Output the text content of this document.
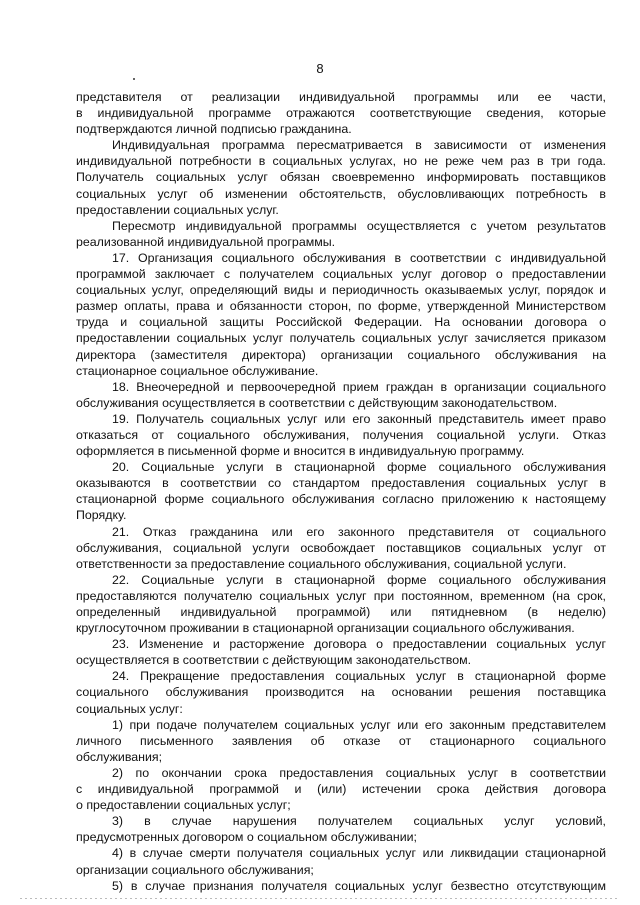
8
представителя от реализации индивидуальной программы или ее части,
в индивидуальной программе отражаются соответствующие сведения, которые
подтверждаются личной подписью гражданина.
Индивидуальная программа пересматривается в зависимости от изменения
индивидуальной потребности в социальных услугах, но не реже чем раз в три года.
Получатель социальных услуг обязан своевременно информировать поставщиков
социальных услуг об изменении обстоятельств, обусловливающих потребность в
предоставлении социальных услуг.
Пересмотр индивидуальной программы осуществляется с учетом результатов
реализованной индивидуальной программы.
17. Организация социального обслуживания в соответствии с индивидуальной
программой заключает с получателем социальных услуг договор о предоставлении
социальных услуг, определяющий виды и периодичность оказываемых услуг, порядок и
размер оплаты, права и обязанности сторон, по форме, утвержденной Министерством
труда и социальной защиты Российской Федерации. На основании договора о
предоставлении социальных услуг получатель социальных услуг зачисляется приказом
директора (заместителя директора) организации социального обслуживания на
стационарное социальное обслуживание.
18. Внеочередной и первоочередной прием граждан в организации социального
обслуживания осуществляется в соответствии с действующим законодательством.
19. Получатель социальных услуг или его законный представитель имеет право
отказаться от социального обслуживания, получения социальной услуги. Отказ
оформляется в письменной форме и вносится в индивидуальную программу.
20. Социальные услуги в стационарной форме социального обслуживания
оказываются в соответствии со стандартом предоставления социальных услуг в
стационарной форме социального обслуживания согласно приложению к настоящему
Порядку.
21. Отказ гражданина или его законного представителя от социального
обслуживания, социальной услуги освобождает поставщиков социальных услуг от
ответственности за предоставление социального обслуживания, социальной услуги.
22. Социальные услуги в стационарной форме социального обслуживания
предоставляются получателю социальных услуг при постоянном, временном (на срок,
определенный индивидуальной программой) или пятидневном (в неделю)
круглосуточном проживании в стационарной организации социального обслуживания.
23. Изменение и расторжение договора о предоставлении социальных услуг
осуществляется в соответствии с действующим законодательством.
24. Прекращение предоставления социальных услуг в стационарной форме
социального обслуживания производится на основании решения поставщика
социальных услуг:
1) при подаче получателем социальных услуг или его законным представителем
личного письменного заявления об отказе от стационарного социального
обслуживания;
2) по окончании срока предоставления социальных услуг в соответствии
с индивидуальной программой и (или) истечении срока действия договора
о предоставлении социальных услуг;
3) в случае нарушения получателем социальных услуг условий,
предусмотренных договором о социальном обслуживании;
4) в случае смерти получателя социальных услуг или ликвидации стационарной
организации социального обслуживания;
5) в случае признания получателя социальных услуг безвестно отсутствующим
